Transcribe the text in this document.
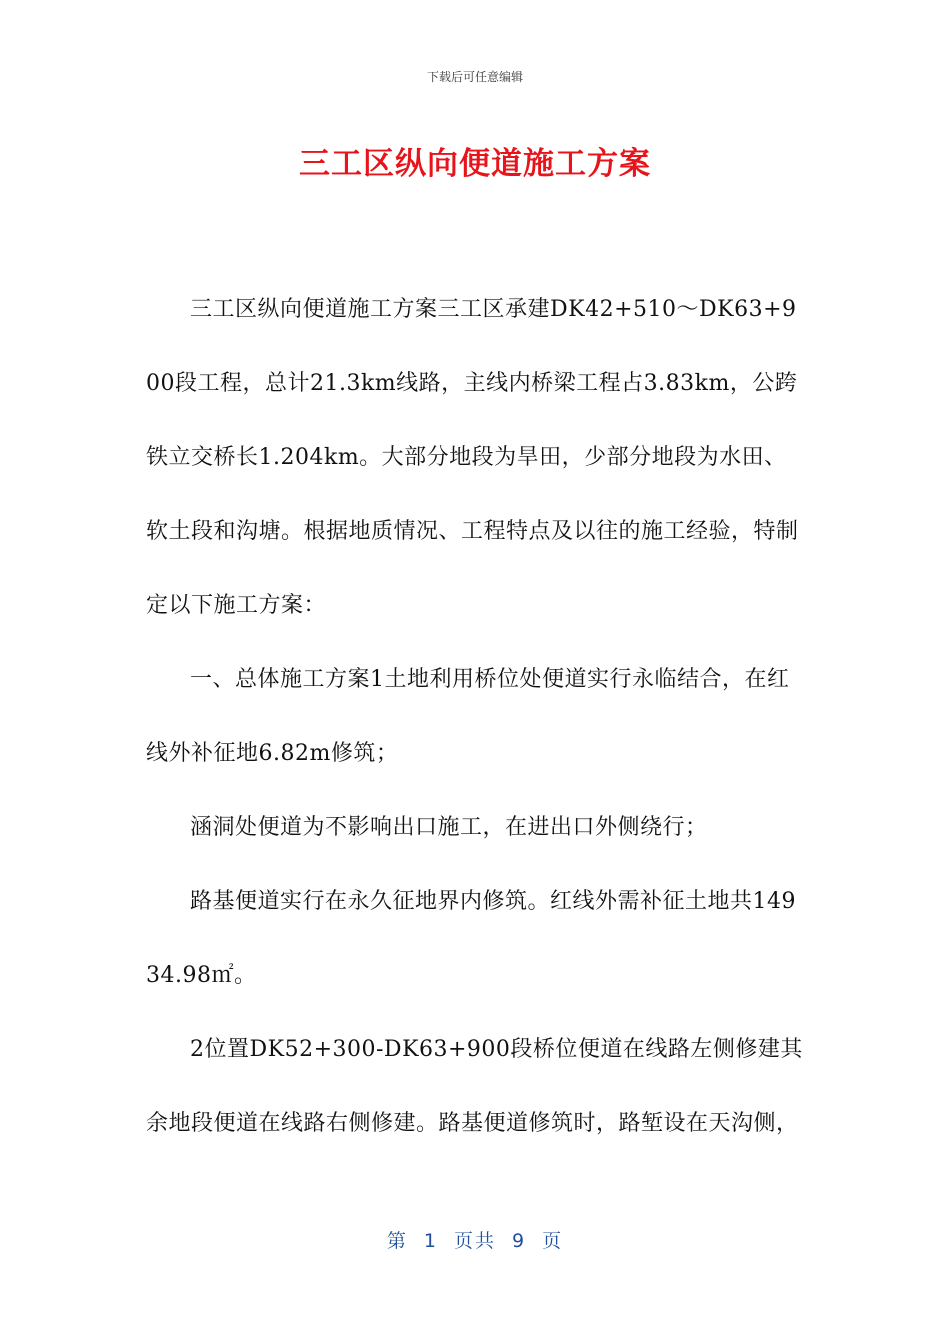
下载后可任意编辑
三工区纵向便道施工方案

三工区纵向便道施工方案三工区承建DK42+510～DK63+900段工程，总计21.3km线路，主线内桥梁工程占3.83km，公跨铁立交桥长1.204km。大部分地段为旱田，少部分地段为水田、软土段和沟塘。根据地质情况、工程特点及以往的施工经验，特制定以下施工方案：

一、总体施工方案1土地利用桥位处便道实行永临结合，在红线外补征地6.82m修筑；

涵洞处便道为不影响出口施工，在进出口外侧绕行；

路基便道实行在永久征地界内修筑。红线外需补征土地共14934.98㎡。

2位置DK52+300-DK63+900段桥位便道在线路左侧修建其余地段便道在线路右侧修建。路基便道修筑时，路堑设在天沟侧，

第 1 页共 9 页
